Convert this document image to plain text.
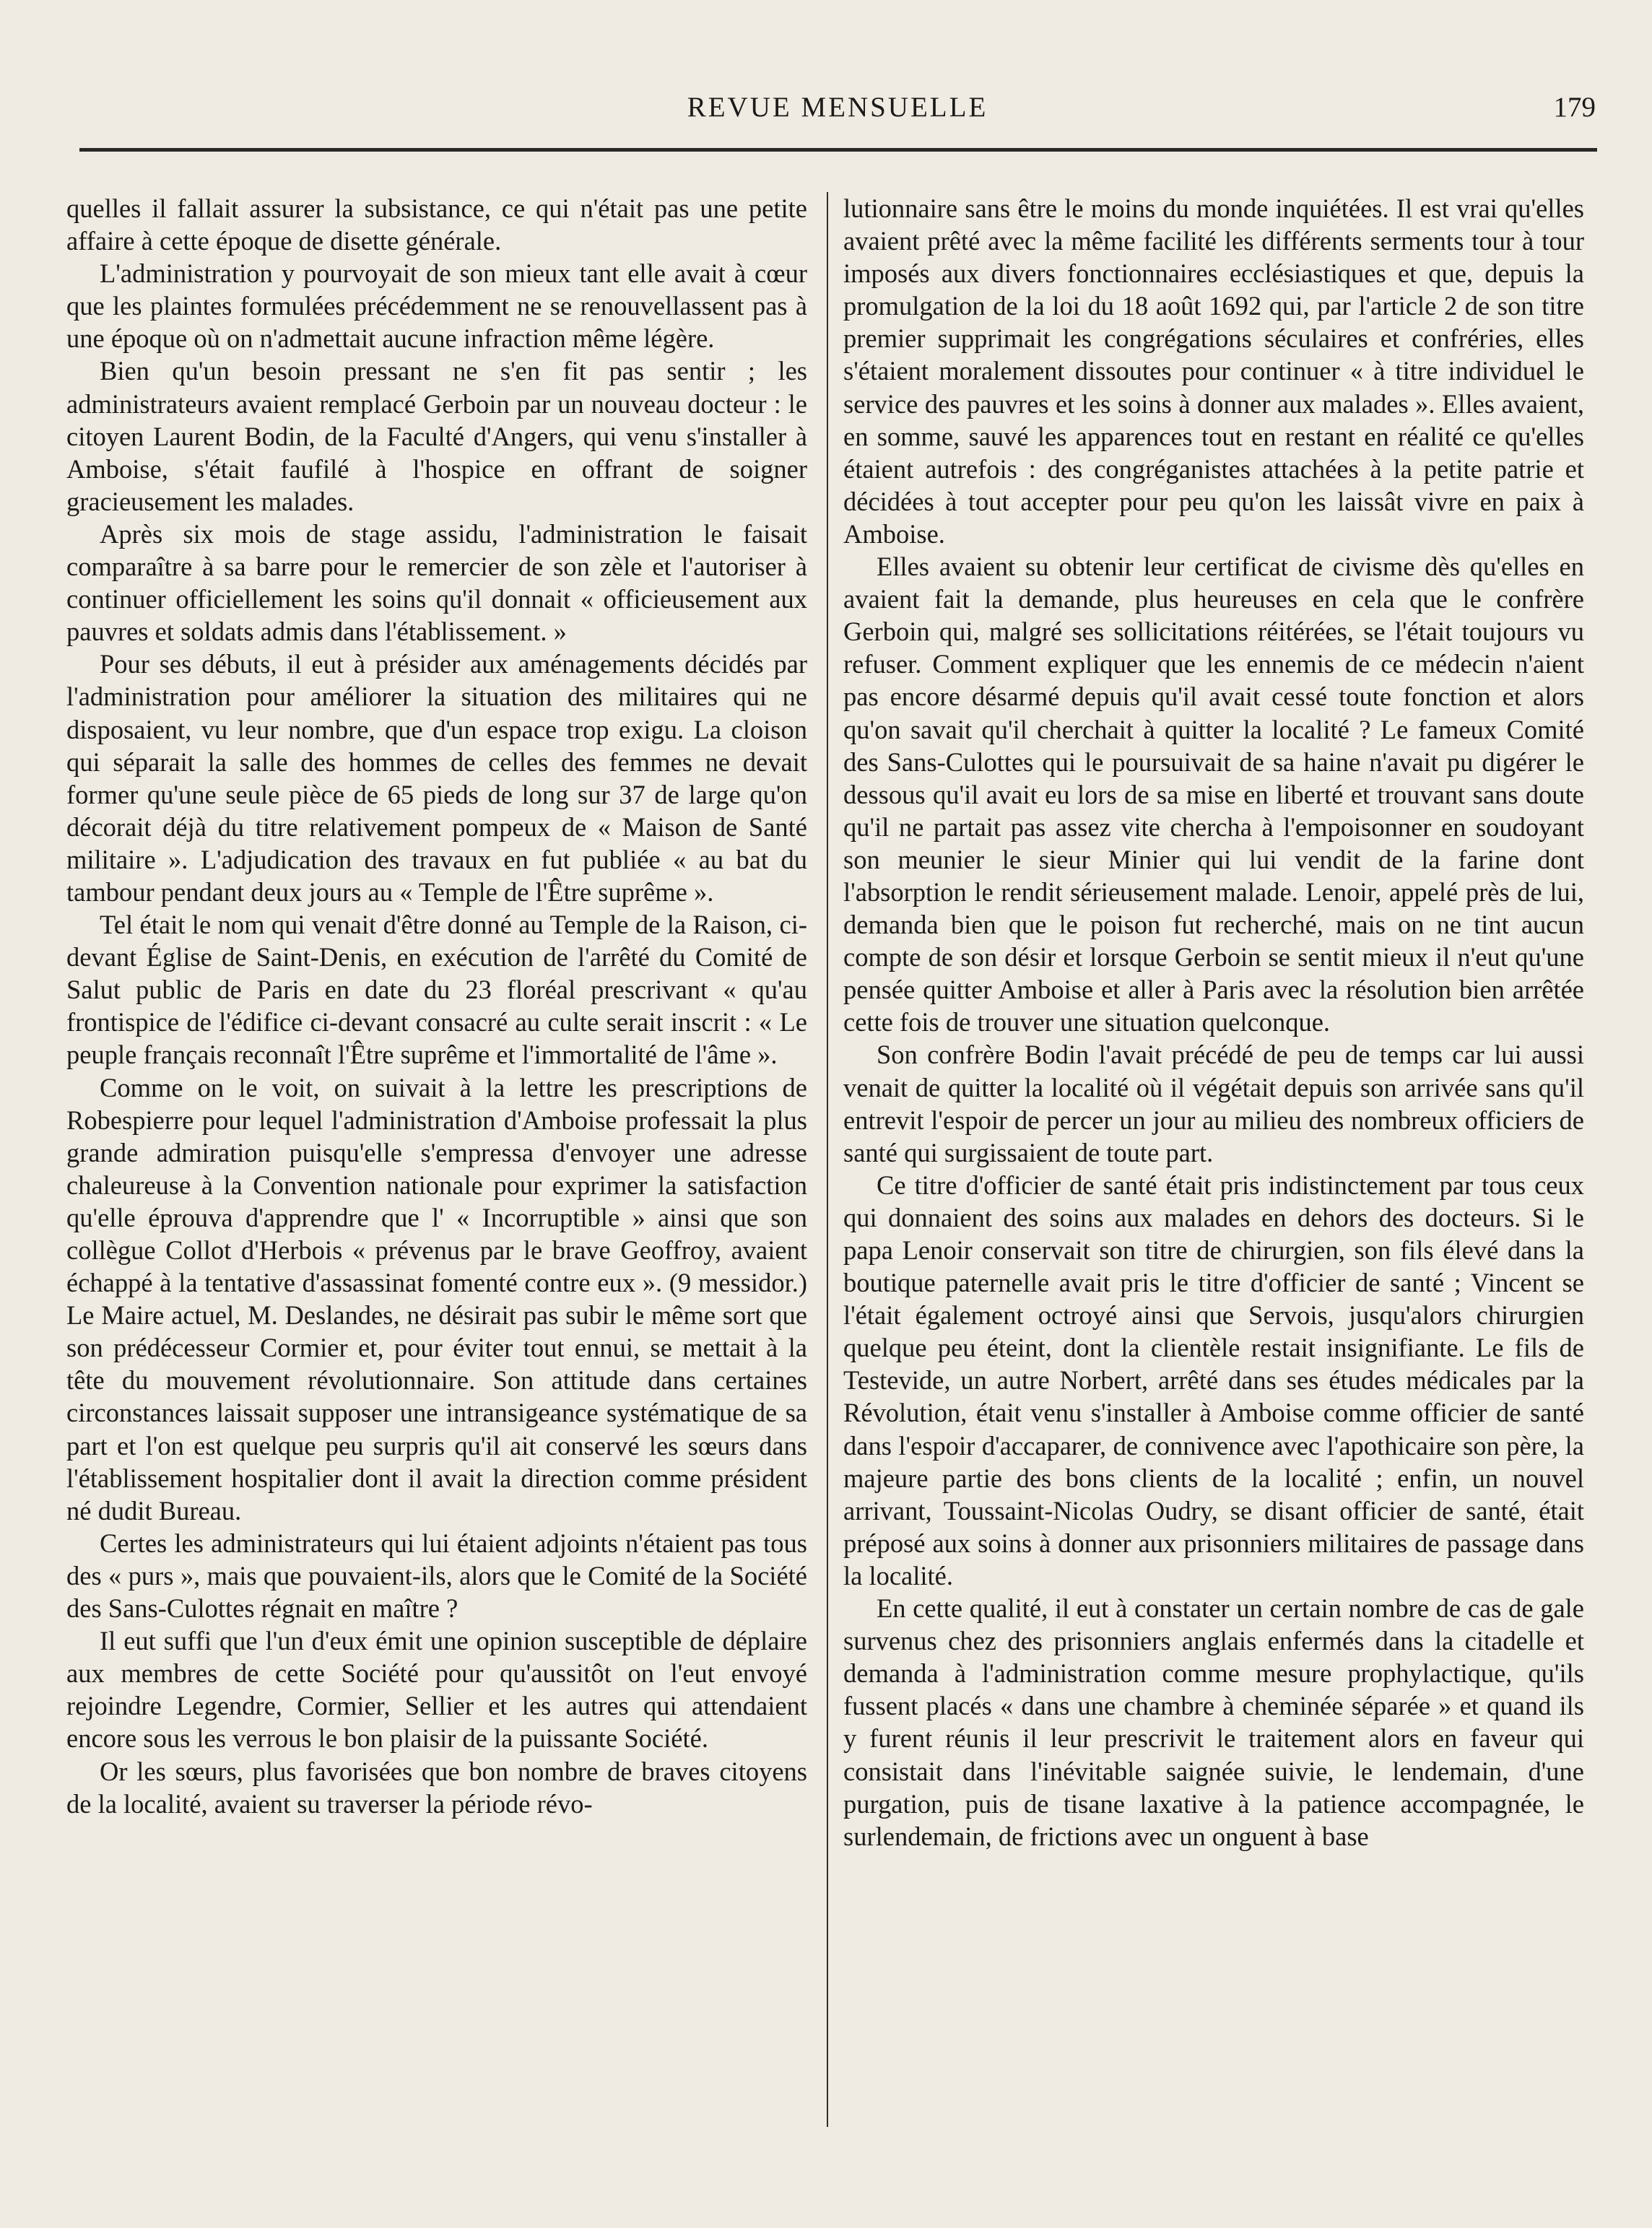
REVUE MENSUELLE	179

quelles il fallait assurer la subsistance, ce qui n'était pas une petite affaire à cette époque de disette générale.

L'administration y pourvoyait de son mieux tant elle avait à cœur que les plaintes formulées précédemment ne se renouvellassent pas à une époque où on n'admettait aucune infraction même légère.

Bien qu'un besoin pressant ne s'en fit pas sentir ; les administrateurs avaient remplacé Gerboin par un nouveau docteur : le citoyen Laurent Bodin, de la Faculté d'Angers, qui venu s'installer à Amboise, s'était faufilé à l'hospice en offrant de soigner gracieusement les malades.

Après six mois de stage assidu, l'administration le faisait comparaître à sa barre pour le remercier de son zèle et l'autoriser à continuer officiellement les soins qu'il donnait « officieusement aux pauvres et soldats admis dans l'établissement. »

Pour ses débuts, il eut à présider aux aménagements décidés par l'administration pour améliorer la situation des militaires qui ne disposaient, vu leur nombre, que d'un espace trop exigu. La cloison qui séparait la salle des hommes de celles des femmes ne devait former qu'une seule pièce de 65 pieds de long sur 37 de large qu'on décorait déjà du titre relativement pompeux de « Maison de Santé militaire ». L'adjudication des travaux en fut publiée « au bat du tambour pendant deux jours au « Temple de l'Être suprême ».

Tel était le nom qui venait d'être donné au Temple de la Raison, ci-devant Église de Saint-Denis, en exécution de l'arrêté du Comité de Salut public de Paris en date du 23 floréal prescrivant « qu'au frontispice de l'édifice ci-devant consacré au culte serait inscrit : « Le peuple français reconnaît l'Être suprême et l'immortalité de l'âme ».

Comme on le voit, on suivait à la lettre les prescriptions de Robespierre pour lequel l'administration d'Amboise professait la plus grande admiration puisqu'elle s'empressa d'envoyer une adresse chaleureuse à la Convention nationale pour exprimer la satisfaction qu'elle éprouva d'apprendre que l' « Incorruptible » ainsi que son collègue Collot d'Herbois « prévenus par le brave Geoffroy, avaient échappé à la tentative d'assassinat fomenté contre eux ». (9 messidor.) Le Maire actuel, M. Deslandes, ne désirait pas subir le même sort que son prédécesseur Cormier et, pour éviter tout ennui, se mettait à la tête du mouvement révolutionnaire. Son attitude dans certaines circonstances laissait supposer une intransigeance systématique de sa part et l'on est quelque peu surpris qu'il ait conservé les sœurs dans l'établissement hospitalier dont il avait la direction comme président né dudit Bureau.

Certes les administrateurs qui lui étaient adjoints n'étaient pas tous des « purs », mais que pouvaient-ils, alors que le Comité de la Société des Sans-Culottes régnait en maître ?

Il eut suffi que l'un d'eux émit une opinion susceptible de déplaire aux membres de cette Société pour qu'aussitôt on l'eut envoyé rejoindre Legendre, Cormier, Sellier et les autres qui attendaient encore sous les verrous le bon plaisir de la puissante Société.

Or les sœurs, plus favorisées que bon nombre de braves citoyens de la localité, avaient su traverser la période révo-

lutionnaire sans être le moins du monde inquiétées. Il est vrai qu'elles avaient prêté avec la même facilité les différents serments tour à tour imposés aux divers fonctionnaires ecclésiastiques et que, depuis la promulgation de la loi du 18 août 1692 qui, par l'article 2 de son titre premier supprimait les congrégations séculaires et confréries, elles s'étaient moralement dissoutes pour continuer « à titre individuel le service des pauvres et les soins à donner aux malades ». Elles avaient, en somme, sauvé les apparences tout en restant en réalité ce qu'elles étaient autrefois : des congréganistes attachées à la petite patrie et décidées à tout accepter pour peu qu'on les laissât vivre en paix à Amboise.

Elles avaient su obtenir leur certificat de civisme dès qu'elles en avaient fait la demande, plus heureuses en cela que le confrère Gerboin qui, malgré ses sollicitations réitérées, se l'était toujours vu refuser. Comment expliquer que les ennemis de ce médecin n'aient pas encore désarmé depuis qu'il avait cessé toute fonction et alors qu'on savait qu'il cherchait à quitter la localité ? Le fameux Comité des Sans-Culottes qui le poursuivait de sa haine n'avait pu digérer le dessous qu'il avait eu lors de sa mise en liberté et trouvant sans doute qu'il ne partait pas assez vite chercha à l'empoisonner en soudoyant son meunier le sieur Minier qui lui vendit de la farine dont l'absorption le rendit sérieusement malade. Lenoir, appelé près de lui, demanda bien que le poison fut recherché, mais on ne tint aucun compte de son désir et lorsque Gerboin se sentit mieux il n'eut qu'une pensée quitter Amboise et aller à Paris avec la résolution bien arrêtée cette fois de trouver une situation quelconque.

Son confrère Bodin l'avait précédé de peu de temps car lui aussi venait de quitter la localité où il végétait depuis son arrivée sans qu'il entrevit l'espoir de percer un jour au milieu des nombreux officiers de santé qui surgissaient de toute part.

Ce titre d'officier de santé était pris indistinctement par tous ceux qui donnaient des soins aux malades en dehors des docteurs. Si le papa Lenoir conservait son titre de chirurgien, son fils élevé dans la boutique paternelle avait pris le titre d'officier de santé ; Vincent se l'était également octroyé ainsi que Servois, jusqu'alors chirurgien quelque peu éteint, dont la clientèle restait insignifiante. Le fils de Testevide, un autre Norbert, arrêté dans ses études médicales par la Révolution, était venu s'installer à Amboise comme officier de santé dans l'espoir d'accaparer, de connivence avec l'apothicaire son père, la majeure partie des bons clients de la localité ; enfin, un nouvel arrivant, Toussaint-Nicolas Oudry, se disant officier de santé, était préposé aux soins à donner aux prisonniers militaires de passage dans la localité.

En cette qualité, il eut à constater un certain nombre de cas de gale survenus chez des prisonniers anglais enfermés dans la citadelle et demanda à l'administration comme mesure prophylactique, qu'ils fussent placés « dans une chambre à cheminée séparée » et quand ils y furent réunis il leur prescrivit le traitement alors en faveur qui consistait dans l'inévitable saignée suivie, le lendemain, d'une purgation, puis de tisane laxative à la patience accompagnée, le surlendemain, de frictions avec un onguent à base
